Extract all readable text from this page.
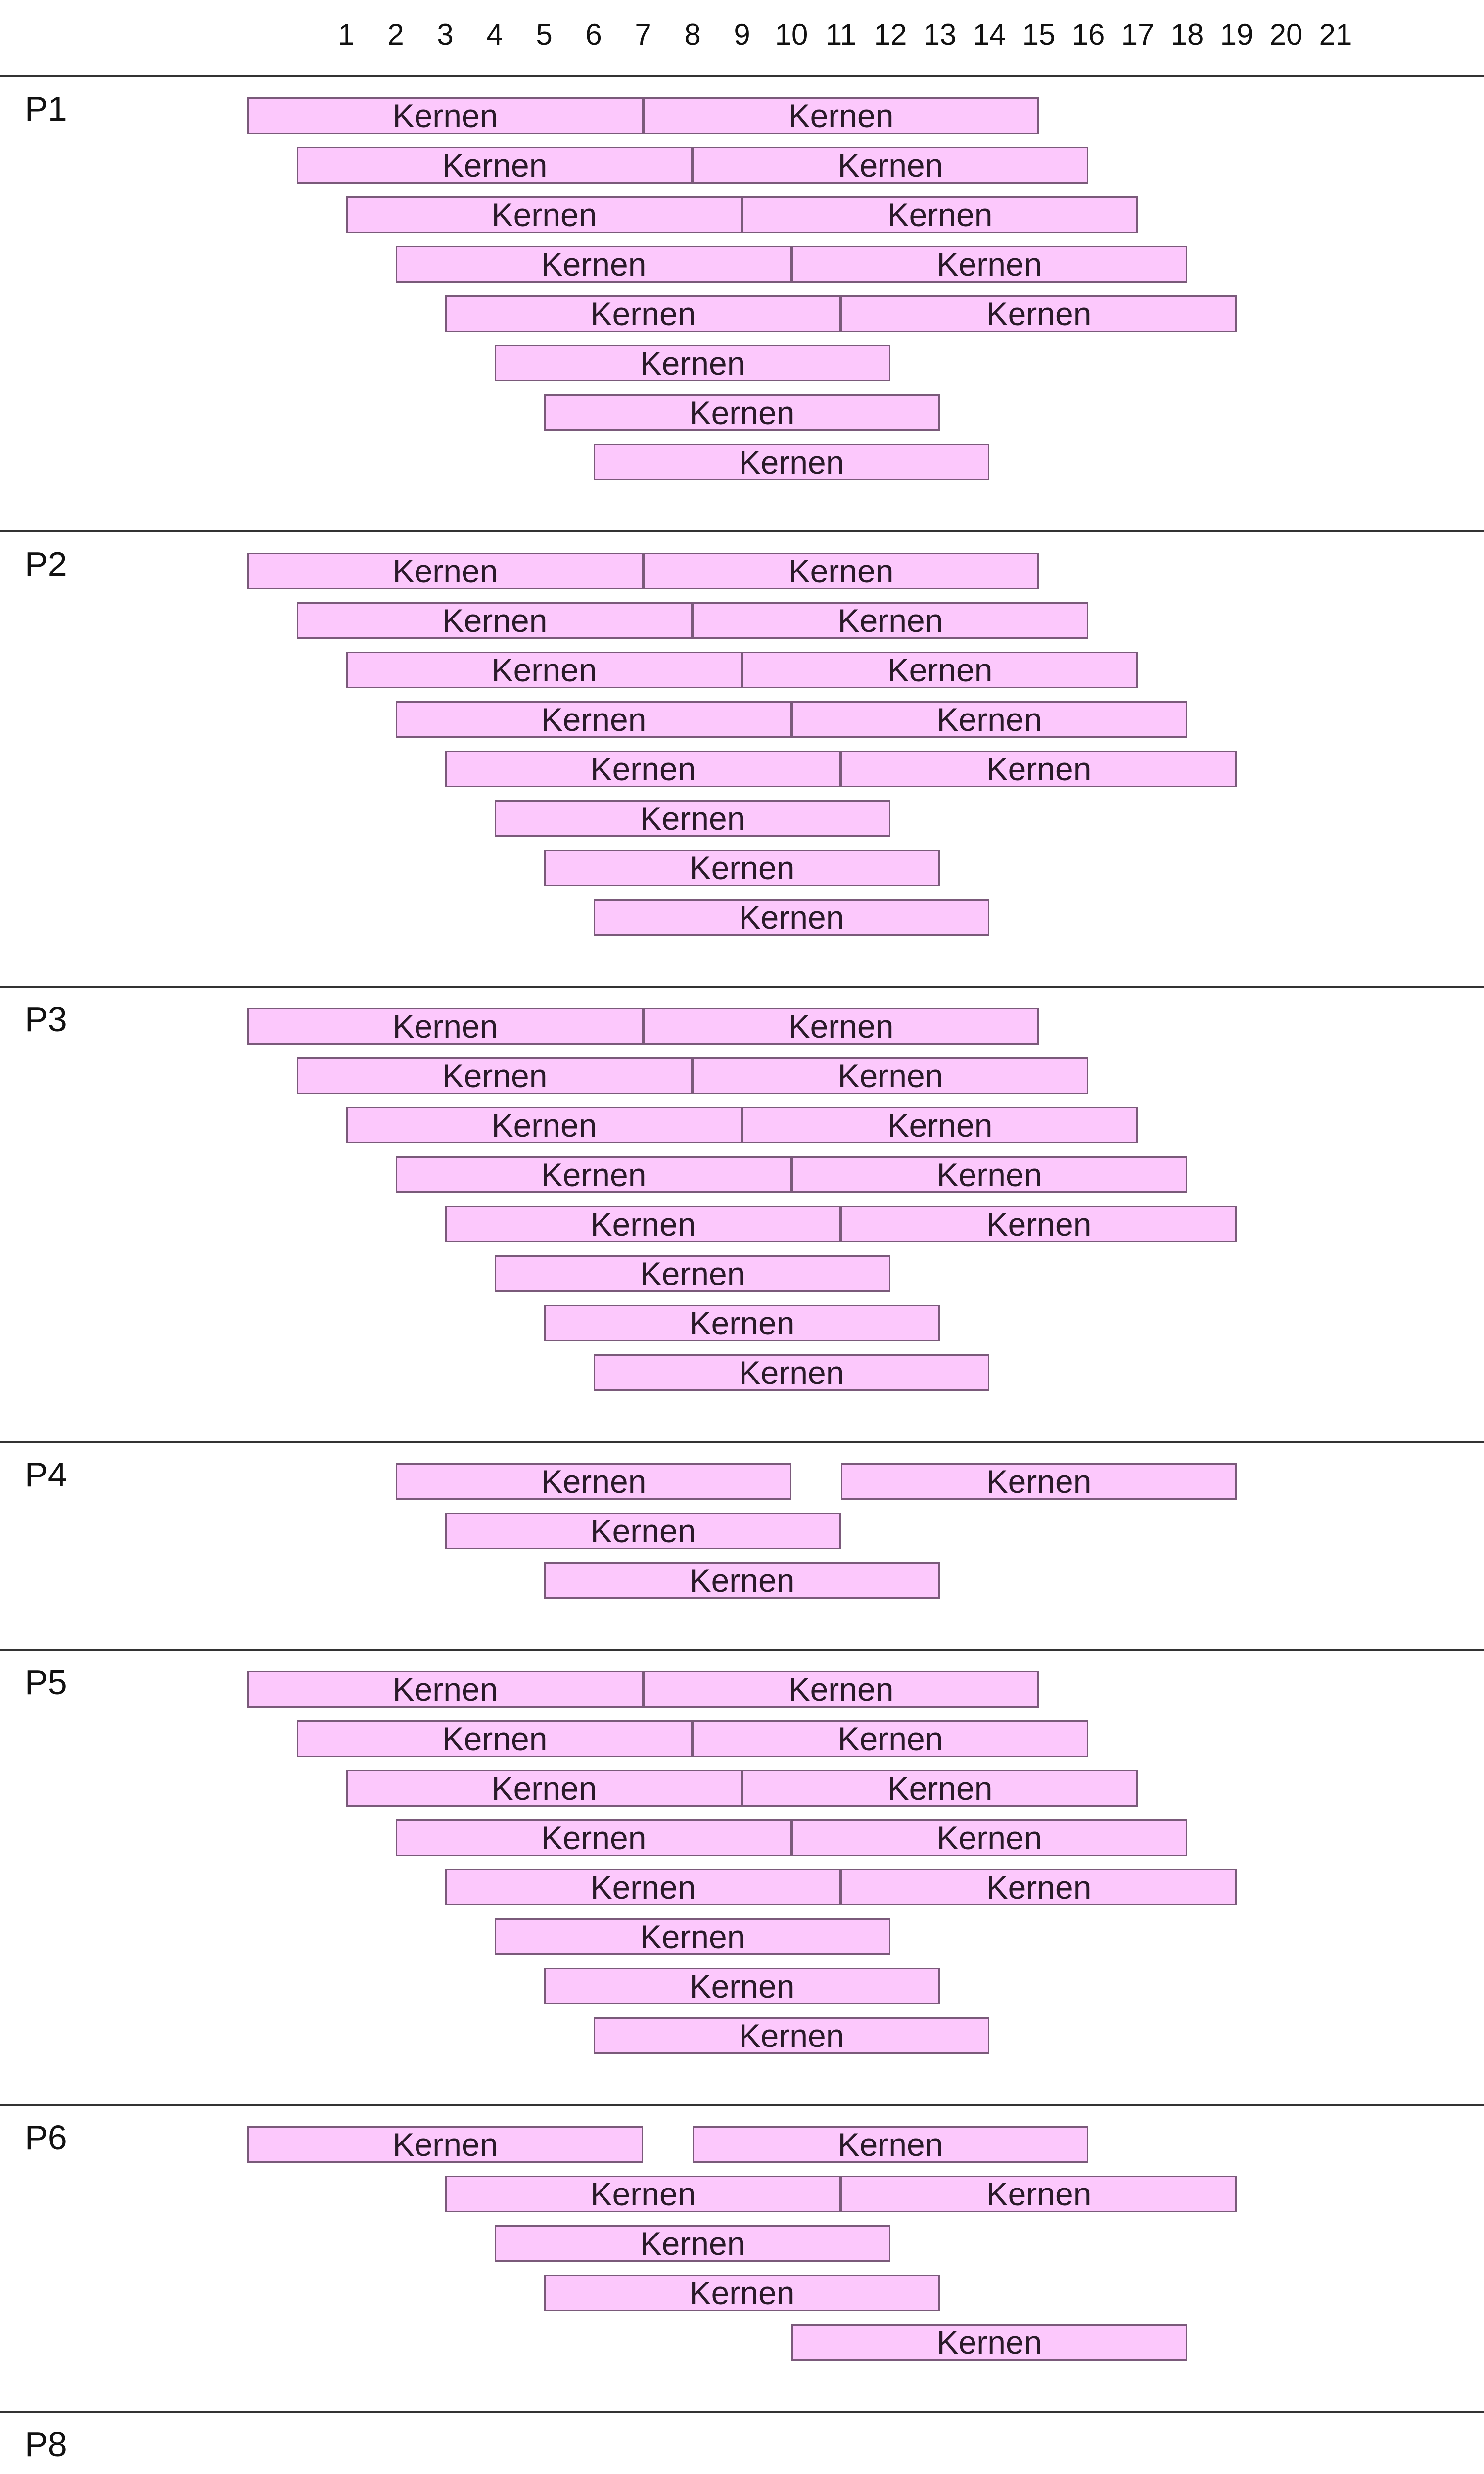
1	2	3	4	5	6	7	8	9 10 11 12 13 14 15 16 17 18 19 20 21
P1	Kernen	Kernen
Kernen	Kernen
Kernen	Kernen
Kernen	Kernen
Kernen	Kernen
Kernen
Kernen
Kernen
P2	Kernen	Kernen
Kernen	Kernen
Kernen	Kernen
Kernen	Kernen
Kernen	Kernen
Kernen
Kernen
Kernen
P3	Kernen	Kernen
Kernen	Kernen
Kernen	Kernen
Kernen	Kernen
Kernen	Kernen
Kernen
Kernen
Kernen
P4	Kernen	Kernen
Kernen
Kernen
P5	Kernen	Kernen
Kernen	Kernen
Kernen	Kernen
Kernen	Kernen
Kernen	Kernen
Kernen
Kernen
Kernen
P6	Kernen	Kernen
Kernen	Kernen
Kernen
Kernen
Kernen
P8
